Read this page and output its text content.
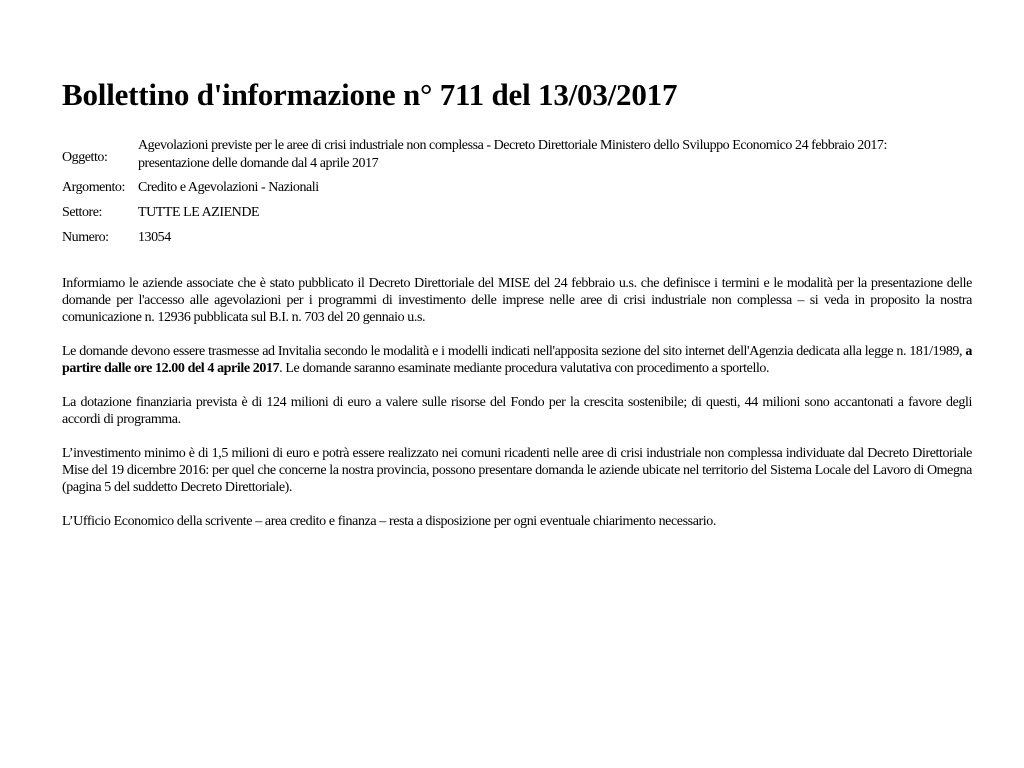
Bollettino d'informazione n° 711 del 13/03/2017
Oggetto:	Agevolazioni previste per le aree di crisi industriale non complessa - Decreto Direttoriale Ministero dello Sviluppo Economico 24 febbraio 2017: presentazione delle domande dal 4 aprile 2017
Argomento:	Credito e Agevolazioni - Nazionali
Settore:	TUTTE LE AZIENDE
Numero:	13054

Informiamo le aziende associate che è stato pubblicato il Decreto Direttoriale del MISE del 24 febbraio u.s. che definisce i termini e le modalità per la presentazione delle domande per l'accesso alle agevolazioni per i programmi di investimento delle imprese nelle aree di crisi industriale non complessa – si veda in proposito la nostra comunicazione n. 12936 pubblicata sul B.I. n. 703 del 20 gennaio u.s.

Le domande devono essere trasmesse ad Invitalia secondo le modalità e i modelli indicati nell'apposita sezione del sito internet dell'Agenzia dedicata alla legge n. 181/1989, a partire dalle ore 12.00 del 4 aprile 2017. Le domande saranno esaminate mediante procedura valutativa con procedimento a sportello.

La dotazione finanziaria prevista è di 124 milioni di euro a valere sulle risorse del Fondo per la crescita sostenibile; di questi, 44 milioni sono accantonati a favore degli accordi di programma.

L’investimento minimo è di 1,5 milioni di euro e potrà essere realizzato nei comuni ricadenti nelle aree di crisi industriale non complessa individuate dal Decreto Direttoriale Mise del 19 dicembre 2016: per quel che concerne la nostra provincia, possono presentare domanda le aziende ubicate nel territorio del Sistema Locale del Lavoro di Omegna (pagina 5 del suddetto Decreto Direttoriale).

L’Ufficio Economico della scrivente – area credito e finanza – resta a disposizione per ogni eventuale chiarimento necessario.
